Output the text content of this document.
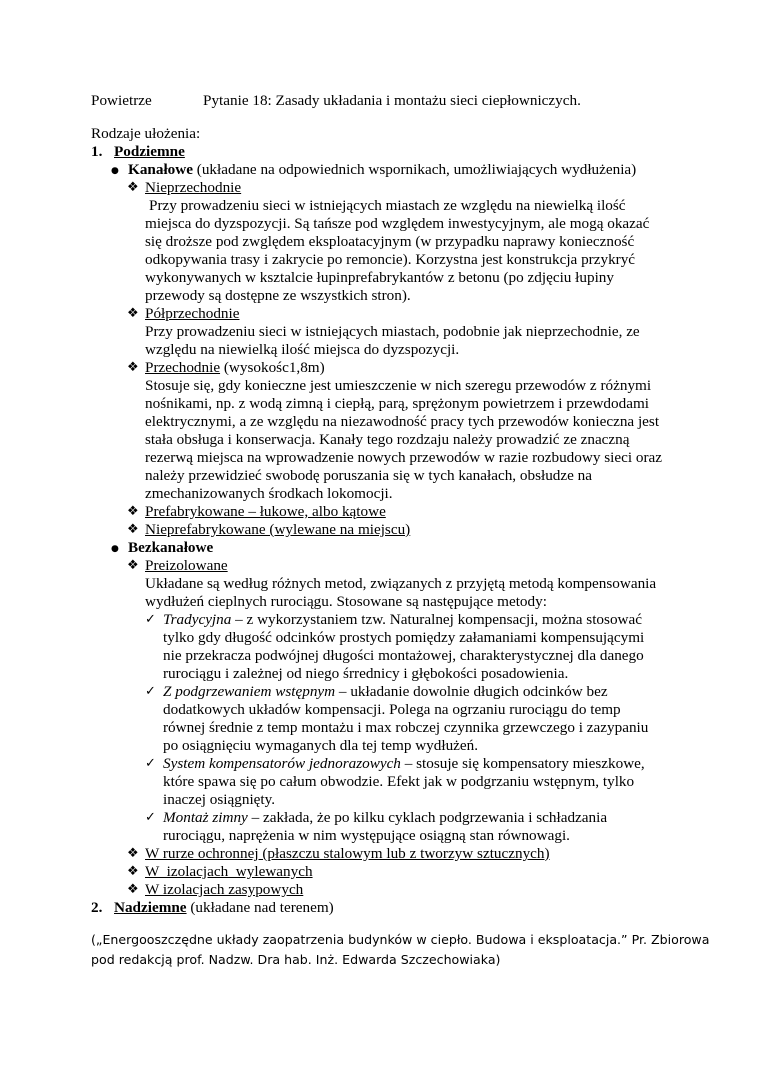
Powietrze	Pytanie 18: Zasady układania i montażu sieci ciepłowniczych.
Rodzaje ułożenia:
1. Podziemne
● Kanałowe (układane na odpowiednich wspornikach, umożliwiających wydłużenia)
❖ Nieprzechodnie
Przy prowadzeniu sieci w istniejących miastach ze względu na niewielką ilość
miejsca do dyzspozycji. Są tańsze pod względem inwestycyjnym, ale mogą okazać
się droższe pod zwględem eksploatacyjnym (w przypadku naprawy konieczność
odkopywania trasy i zakrycie po remoncie). Korzystna jest konstrukcja przykryć
wykonywanych w ksztalcie łupinprefabrykantów z betonu (po zdjęciu łupiny
przewody są dostępne ze wszystkich stron).
❖ Półprzechodnie
Przy prowadzeniu sieci w istniejących miastach, podobnie jak nieprzechodnie, ze
względu na niewielką ilość miejsca do dyzspozycji.
❖ Przechodnie (wysokośc1,8m)
Stosuje się, gdy konieczne jest umieszczenie w nich szeregu przewodów z różnymi
nośnikami, np. z wodą zimną i ciepłą, parą, sprężonym powietrzem i przewdodami
elektrycznymi, a ze względu na niezawodność pracy tych przewodów konieczna jest
stała obsługa i konserwacja. Kanały tego rozdzaju należy prowadzić ze znaczną
rezerwą miejsca na wprowadzenie nowych przewodów w razie rozbudowy sieci oraz
należy przewidzieć swobodę poruszania się w tych kanałach, obsłudze na
zmechanizowanych środkach lokomocji.
❖ Prefabrykowane – łukowe, albo kątowe
❖ Nieprefabrykowane (wylewane na miejscu)
● Bezkanałowe
❖ Preizolowane
Układane są według różnych metod, związanych z przyjętą metodą kompensowania
wydłużeń cieplnych rurociągu. Stosowane są następujące metody:
✓ Tradycyjna – z wykorzystaniem tzw. Naturalnej kompensacji, można stosować
tylko gdy długość odcinków prostych pomiędzy załamaniami kompensującymi
nie przekracza podwójnej długości montażowej, charakterystycznej dla danego
rurociągu i zależnej od niego śrrednicy i głębokości posadowienia.
✓ Z podgrzewaniem wstępnym – układanie dowolnie długich odcinków bez
dodatkowych układów kompensacji. Polega na ogrzaniu rurociągu do temp
równej średnie z temp montażu i max robczej czynnika grzewczego i zazypaniu
po osiągnięciu wymaganych dla tej temp wydłużeń.
✓ System kompensatorów jednorazowych – stosuje się kompensatory mieszkowe,
które spawa się po całum obwodzie. Efekt jak w podgrzaniu wstępnym, tylko
inaczej osiągnięty.
✓ Montaż zimny – zakłada, że po kilku cyklach podgrzewania i schładzania
rurociągu, naprężenia w nim występujące osiągną stan równowagi.
❖ W rurze ochronnej (płaszczu stalowym lub z tworzyw sztucznych)
❖ W  izolacjach  wylewanych
❖ W izolacjach zasypowych
2. Nadziemne (układane nad terenem)
(„Energooszczędne układy zaopatrzenia budynków w ciepło. Budowa i eksploatacja.” Pr. Zbiorowa
pod redakcją prof. Nadzw. Dra hab. Inż. Edwarda Szczechowiaka)
